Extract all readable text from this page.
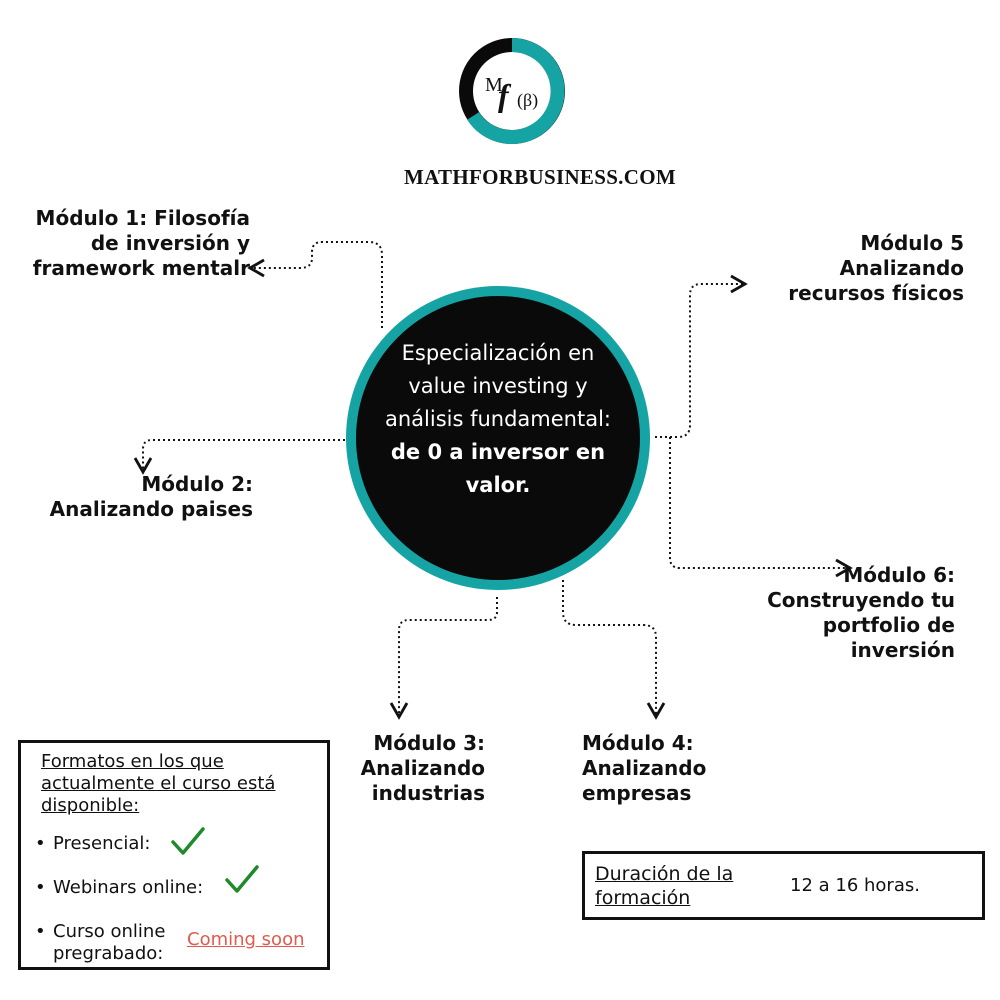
M
f (β)
MATHFORBUSINESS.COM
Especialización en value investing y análisis fundamental: de 0 a inversor en valor.
Módulo 1: Filosofía de inversión y framework mentalr
Módulo 2: Analizando paises
Módulo 3: Analizando industrias
Módulo 4: Analizando empresas
Módulo 5 Analizando recursos físicos
Módulo 6: Construyendo tu portfolio de inversión
Formatos en los que actualmente el curso está disponible:
• Presencial:
• Webinars online:
• Curso online pregrabado:
Coming soon
Duración de la formación
12 a 16 horas.
